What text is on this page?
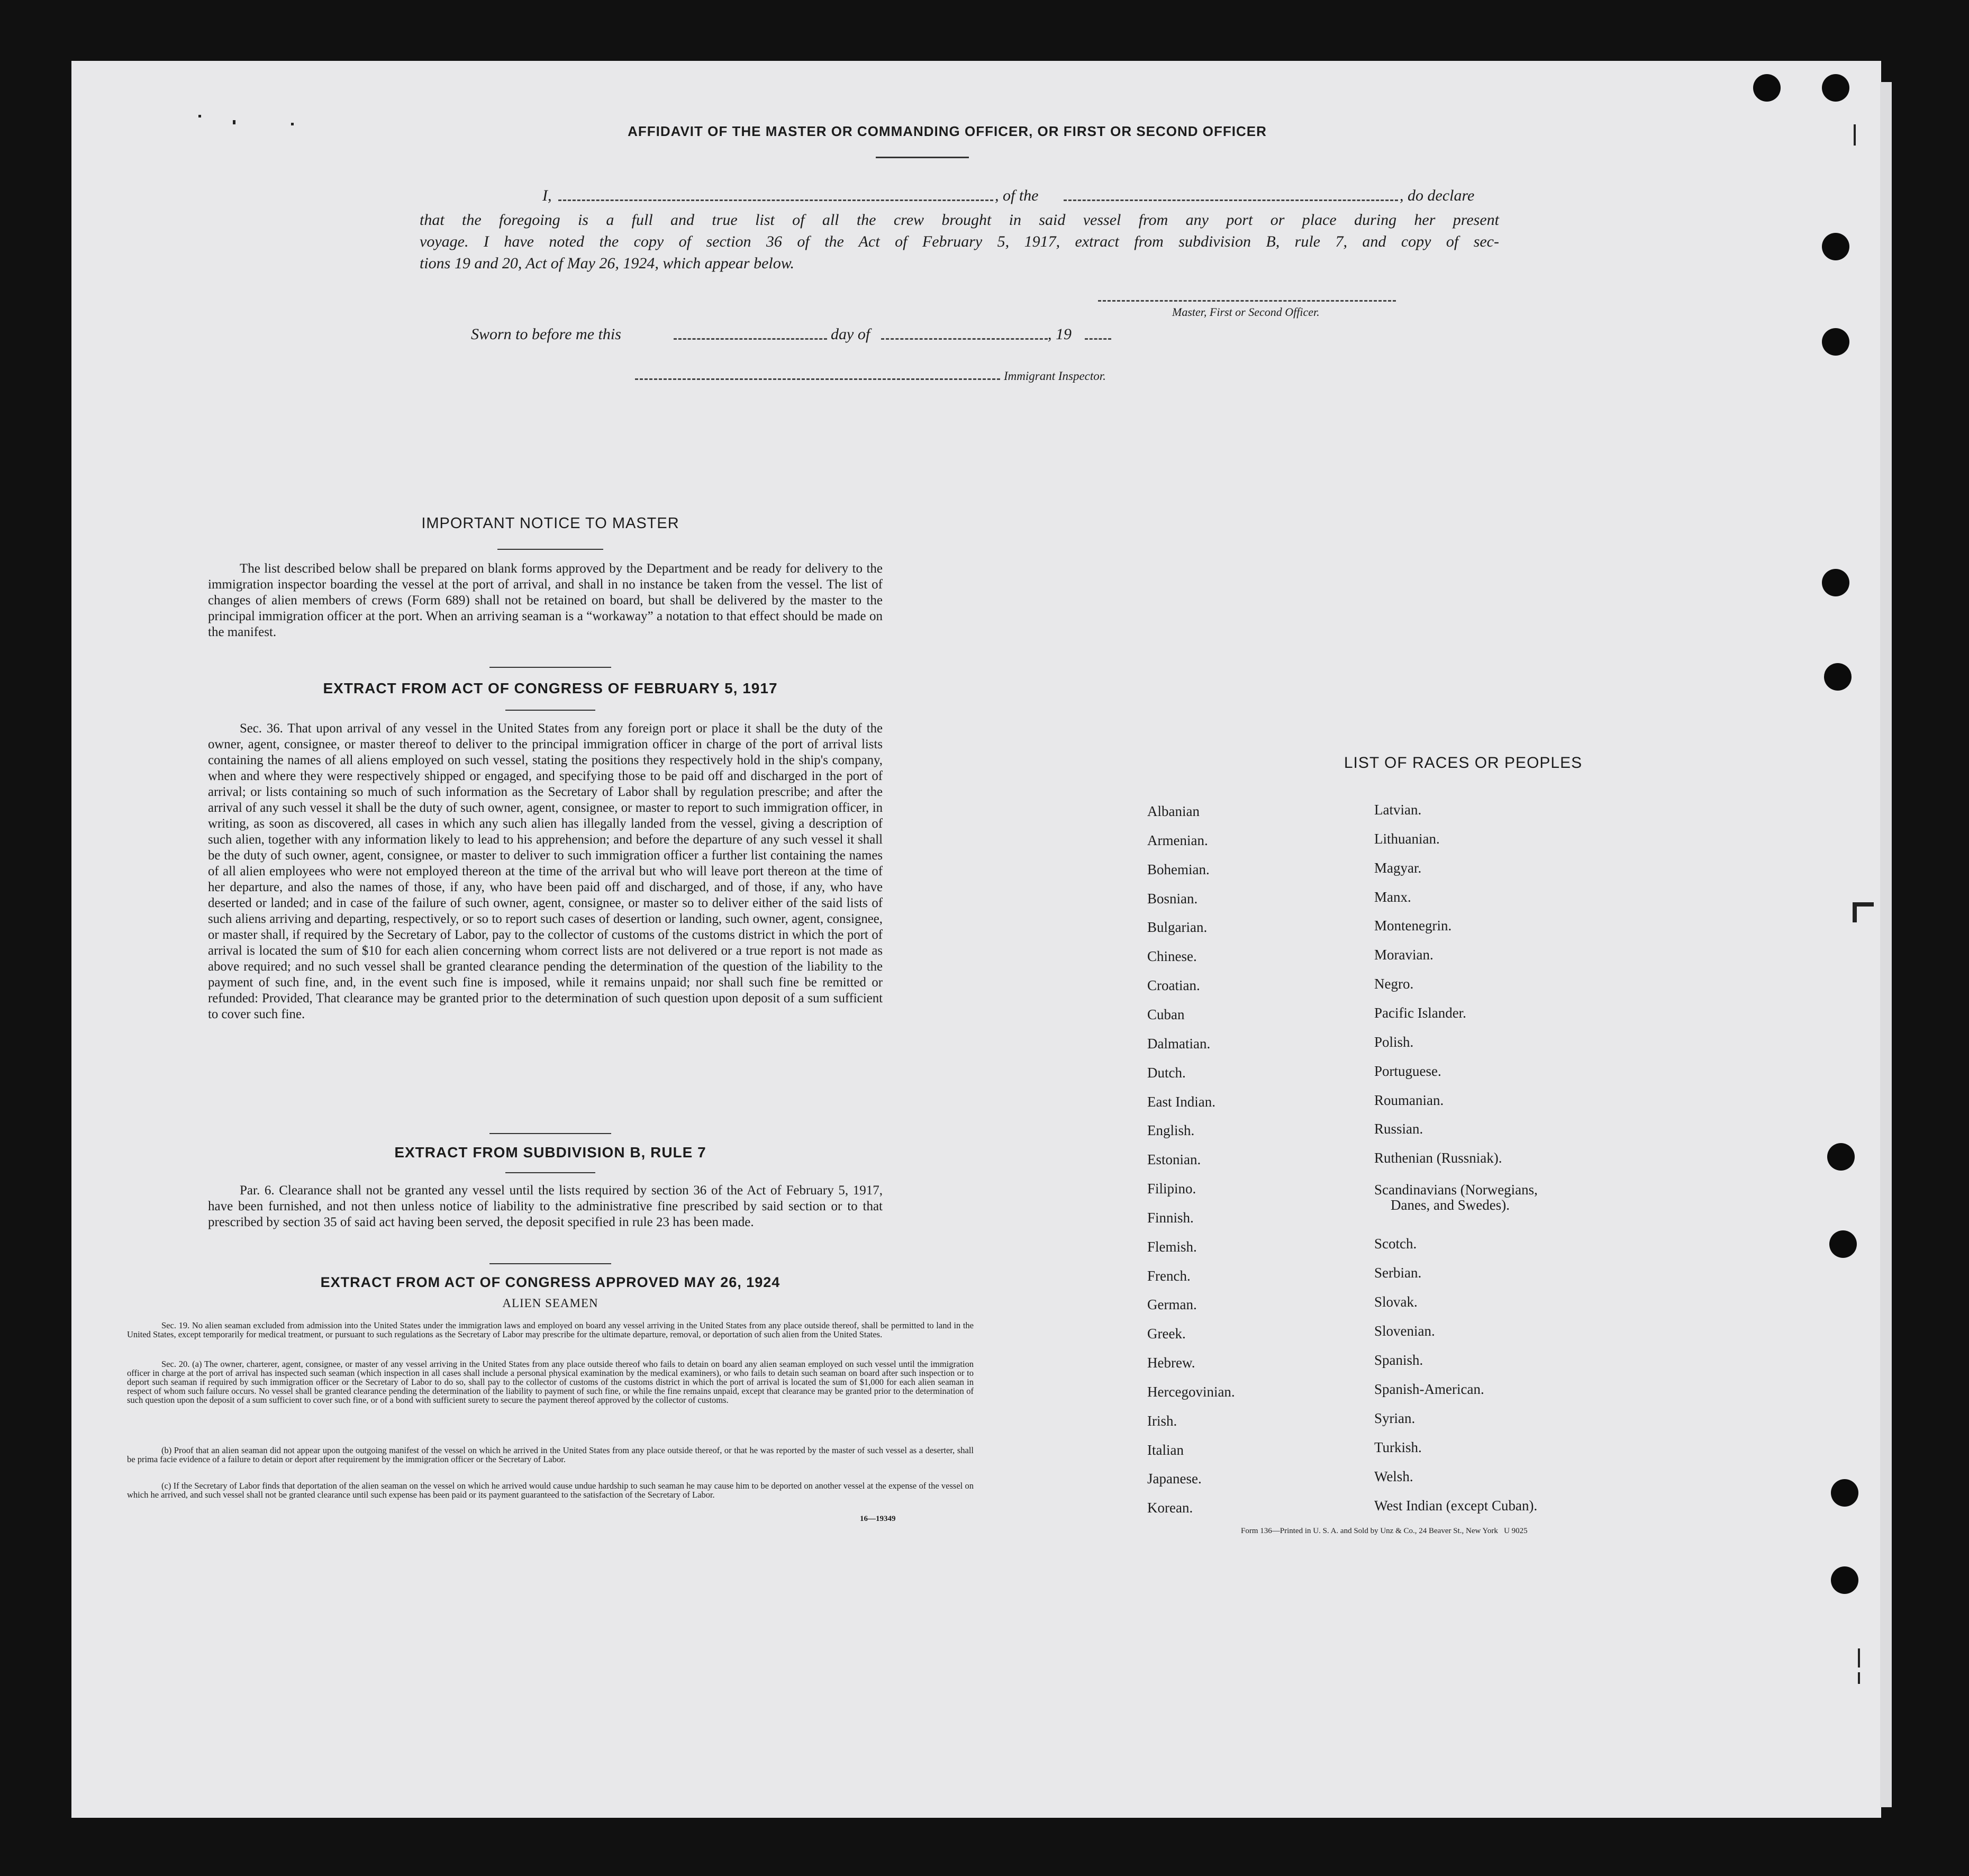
AFFIDAVIT OF THE MASTER OR COMMANDING OFFICER, OR FIRST OR SECOND OFFICER
I,	, of the	, do declare
that the foregoing is a full and true list of all the crew brought in said vessel from any port or place during her present
voyage. I have noted the copy of section 36 of the Act of February 5, 1917, extract from subdivision B, rule 7, and copy of sec-
tions 19 and 20, Act of May 26, 1924, which appear below.
Master, First or Second Officer.
Sworn to before me this	day of	, 19
Immigrant Inspector.
IMPORTANT NOTICE TO MASTER
The list described below shall be prepared on blank forms approved by the Department and be ready for delivery to the immigration inspector boarding the vessel at the port of arrival, and shall in no instance be taken from the vessel. The list of changes of alien members of crews (Form 689) shall not be retained on board, but shall be delivered by the master to the principal immigration officer at the port. When an arriving seaman is a “workaway” a notation to that effect should be made on the manifest.
EXTRACT FROM ACT OF CONGRESS OF FEBRUARY 5, 1917
Sec. 36. That upon arrival of any vessel in the United States from any foreign port or place it shall be the duty of the owner, agent, consignee, or master thereof to deliver to the principal immigration officer in charge of the port of arrival lists containing the names of all aliens employed on such vessel, stating the positions they respectively hold in the ship's company, when and where they were respectively shipped or engaged, and specifying those to be paid off and discharged in the port of arrival; or lists containing so much of such information as the Secretary of Labor shall by regulation prescribe; and after the arrival of any such vessel it shall be the duty of such owner, agent, consignee, or master to report to such immigration officer, in writing, as soon as discovered, all cases in which any such alien has illegally landed from the vessel, giving a description of such alien, together with any information likely to lead to his apprehension; and before the departure of any such vessel it shall be the duty of such owner, agent, consignee, or master to deliver to such immigration officer a further list containing the names of all alien employees who were not employed thereon at the time of the arrival but who will leave port thereon at the time of her departure, and also the names of those, if any, who have been paid off and discharged, and of those, if any, who have deserted or landed; and in case of the failure of such owner, agent, consignee, or master so to deliver either of the said lists of such aliens arriving and departing, respectively, or so to report such cases of desertion or landing, such owner, agent, consignee, or master shall, if required by the Secretary of Labor, pay to the collector of customs of the customs district in which the port of arrival is located the sum of $10 for each alien concerning whom correct lists are not delivered or a true report is not made as above required; and no such vessel shall be granted clearance pending the determination of the question of the liability to the payment of such fine, and, in the event such fine is imposed, while it remains unpaid; nor shall such fine be remitted or refunded: Provided, That clearance may be granted prior to the determination of such question upon deposit of a sum sufficient to cover such fine.
EXTRACT FROM SUBDIVISION B, RULE 7
Par. 6. Clearance shall not be granted any vessel until the lists required by section 36 of the Act of February 5, 1917, have been furnished, and not then unless notice of liability to the administrative fine prescribed by said section or to that prescribed by section 35 of said act having been served, the deposit specified in rule 23 has been made.
EXTRACT FROM ACT OF CONGRESS APPROVED MAY 26, 1924
ALIEN SEAMEN
Sec. 19. No alien seaman excluded from admission into the United States under the immigration laws and employed on board any vessel arriving in the United States from any place outside thereof, shall be permitted to land in the United States, except temporarily for medical treatment, or pursuant to such regulations as the Secretary of Labor may prescribe for the ultimate departure, removal, or deportation of such alien from the United States.
Sec. 20. (a) The owner, charterer, agent, consignee, or master of any vessel arriving in the United States from any place outside thereof who fails to detain on board any alien seaman employed on such vessel until the immigration officer in charge at the port of arrival has inspected such seaman (which inspection in all cases shall include a personal physical examination by the medical examiners), or who fails to detain such seaman on board after such inspection or to deport such seaman if required by such immigration officer or the Secretary of Labor to do so, shall pay to the collector of customs of the customs district in which the port of arrival is located the sum of $1,000 for each alien seaman in respect of whom such failure occurs. No vessel shall be granted clearance pending the determination of the liability to payment of such fine, or while the fine remains unpaid, except that clearance may be granted prior to the determination of such question upon the deposit of a sum sufficient to cover such fine, or of a bond with sufficient surety to secure the payment thereof approved by the collector of customs.
(b) Proof that an alien seaman did not appear upon the outgoing manifest of the vessel on which he arrived in the United States from any place outside thereof, or that he was reported by the master of such vessel as a deserter, shall be prima facie evidence of a failure to detain or deport after requirement by the immigration officer or the Secretary of Labor.
(c) If the Secretary of Labor finds that deportation of the alien seaman on the vessel on which he arrived would cause undue hardship to such seaman he may cause him to be deported on another vessel at the expense of the vessel on which he arrived, and such vessel shall not be granted clearance until such expense has been paid or its payment guaranteed to the satisfaction of the Secretary of Labor.
16—19349
LIST OF RACES OR PEOPLES
Albanian
Armenian.
Bohemian.
Bosnian.
Bulgarian.
Chinese.
Croatian.
Cuban
Dalmatian.
Dutch.
East Indian.
English.
Estonian.
Filipino.
Finnish.
Flemish.
French.
German.
Greek.
Hebrew.
Hercegovinian.
Irish.
Italian
Japanese.
Korean.
Latvian.
Lithuanian.
Magyar.
Manx.
Montenegrin.
Moravian.
Negro.
Pacific Islander.
Polish.
Portuguese.
Roumanian.
Russian.
Ruthenian (Russniak).
Scandinavians (Norwegians,
Danes, and Swedes).
Scotch.
Serbian.
Slovak.
Slovenian.
Spanish.
Spanish-American.
Syrian.
Turkish.
Welsh.
West Indian (except Cuban).
Form 136—Printed in U. S. A. and Sold by Unz & Co., 24 Beaver St., New York   U 9025
